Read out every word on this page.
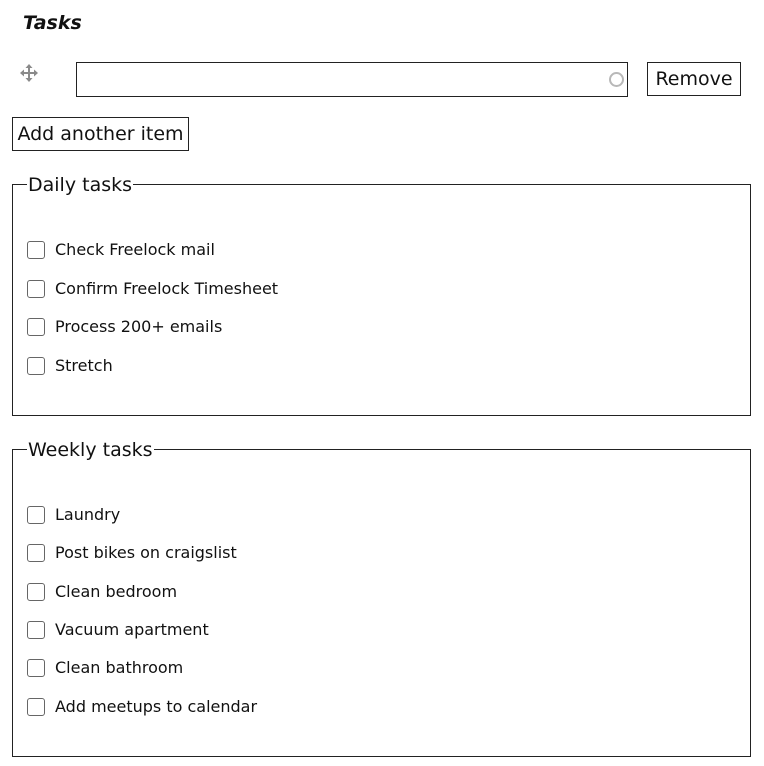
Tasks
Remove
Add another item
Daily tasks
Check Freelock mail
Confirm Freelock Timesheet
Process 200+ emails
Stretch
Weekly tasks
Laundry
Post bikes on craigslist
Clean bedroom
Vacuum apartment
Clean bathroom
Add meetups to calendar
